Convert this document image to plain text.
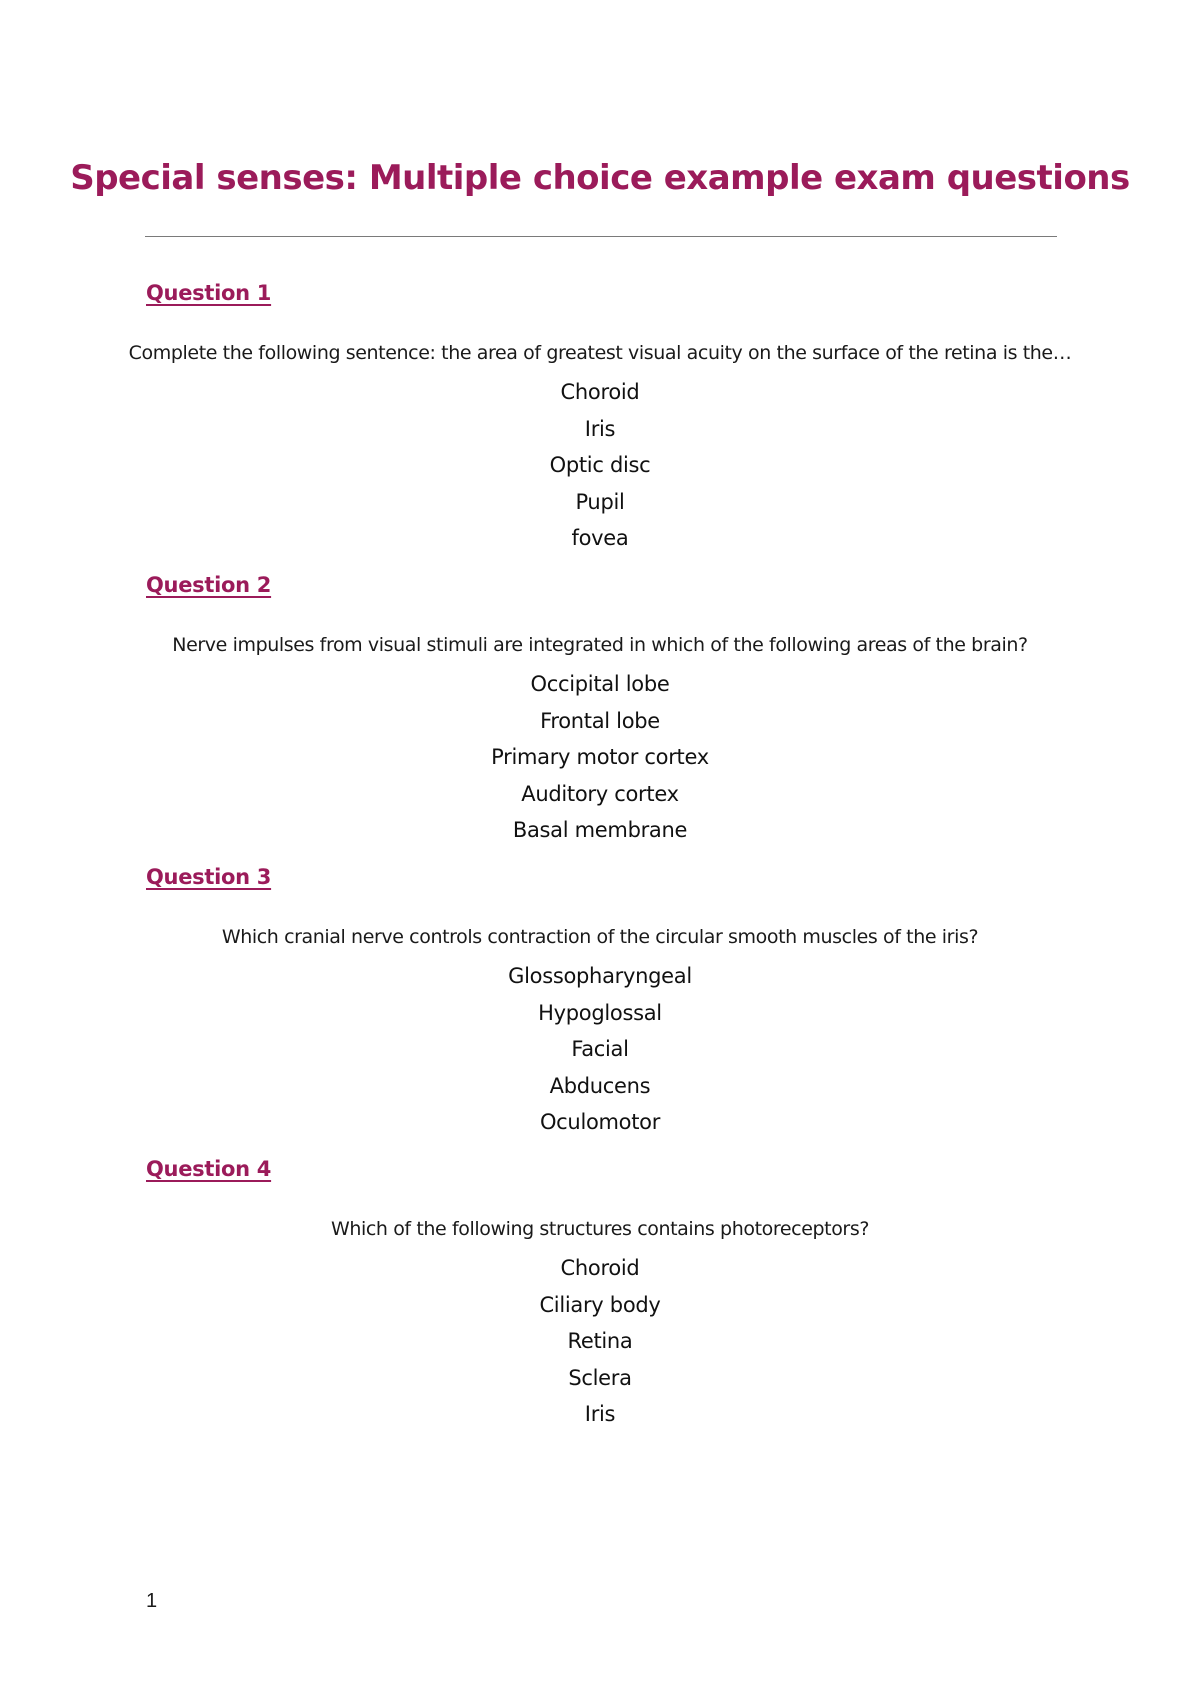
Special senses: Multiple choice example exam questions
Question 1

Complete the following sentence: the area of greatest visual acuity on the surface of the retina is the…

Choroid
Iris
Optic disc
Pupil
fovea
Question 2

Nerve impulses from visual stimuli are integrated in which of the following areas of the brain?

Occipital lobe
Frontal lobe
Primary motor cortex
Auditory cortex
Basal membrane
Question 3

Which cranial nerve controls contraction of the circular smooth muscles of the iris?

Glossopharyngeal
Hypoglossal
Facial
Abducens
Oculomotor
Question 4

Which of the following structures contains photoreceptors?

Choroid
Ciliary body
Retina
Sclera
Iris
1
